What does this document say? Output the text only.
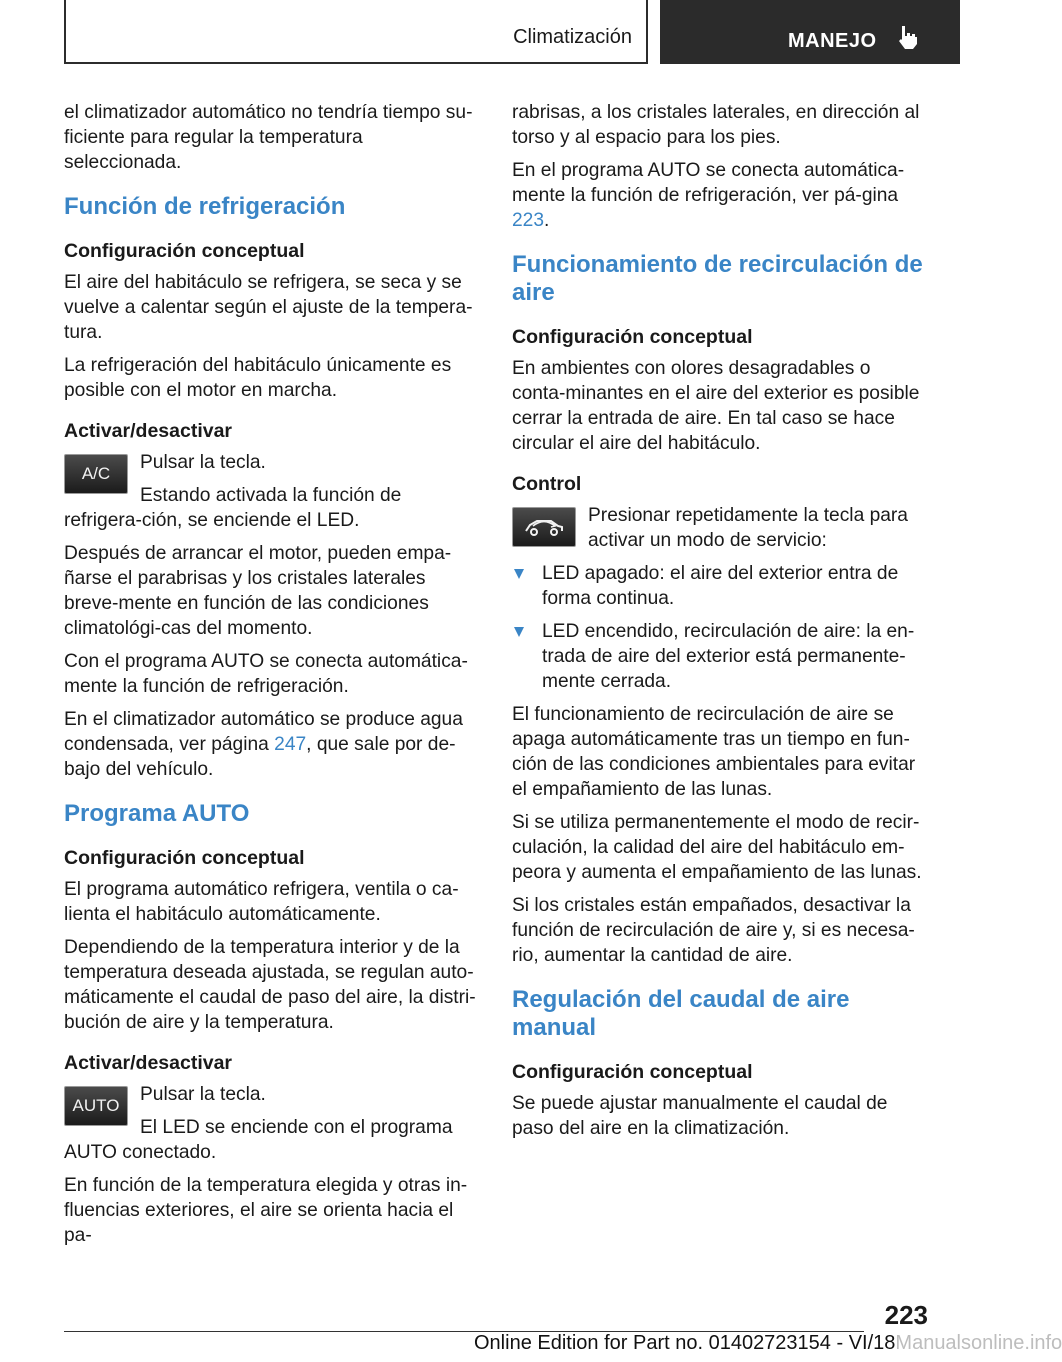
Climatización	MANEJO

el climatizador automático no tendría tiempo su‐ficiente para regular la temperatura seleccionada.

Función de refrigeración
Configuración conceptual

El aire del habitáculo se refrigera, se seca y se vuelve a calentar según el ajuste de la tempera‐tura.

La refrigeración del habitáculo únicamente es posible con el motor en marcha.

Activar/desactivar
A/C

Pulsar la tecla.

Estando activada la función de refrigera‐ción, se enciende el LED.

Después de arrancar el motor, pueden empa‐ñarse el parabrisas y los cristales laterales breve‐mente en función de las condiciones climatológi‐cas del momento.

Con el programa AUTO se conecta automática‐mente la función de refrigeración.

En el climatizador automático se produce agua condensada, ver página 247, que sale por de‐bajo del vehículo.

Programa AUTO
Configuración conceptual

El programa automático refrigera, ventila o ca‐lienta el habitáculo automáticamente.

Dependiendo de la temperatura interior y de la temperatura deseada ajustada, se regulan auto‐máticamente el caudal de paso del aire, la distri‐bución de aire y la temperatura.

Activar/desactivar
AUTO

Pulsar la tecla.

El LED se enciende con el programa AUTO conectado.

En función de la temperatura elegida y otras in‐fluencias exteriores, el aire se orienta hacia el pa‐

rabrisas, a los cristales laterales, en dirección al torso y al espacio para los pies.

En el programa AUTO se conecta automática‐mente la función de refrigeración, ver pá‐gina 223.

Funcionamiento de recirculación de aire
Configuración conceptual

En ambientes con olores desagradables o conta‐minantes en el aire del exterior es posible cerrar la entrada de aire. En tal caso se hace circular el aire del habitáculo.

Control

Presionar repetidamente la tecla para activar un modo de servicio:

LED apagado: el aire del exterior entra de forma continua.
LED encendido, recirculación de aire: la en‐trada de aire del exterior está permanente‐mente cerrada.

El funcionamiento de recirculación de aire se apaga automáticamente tras un tiempo en fun‐ción de las condiciones ambientales para evitar el empañamiento de las lunas.

Si se utiliza permanentemente el modo de recir‐culación, la calidad del aire del habitáculo em‐peora y aumenta el empañamiento de las lunas.

Si los cristales están empañados, desactivar la función de recirculación de aire y, si es necesa‐rio, aumentar la cantidad de aire.

Regulación del caudal de aire manual
Configuración conceptual

Se puede ajustar manualmente el caudal de paso del aire en la climatización.

223
Online Edition for Part no. 01402723154 - VI/18Manualsonline.info
